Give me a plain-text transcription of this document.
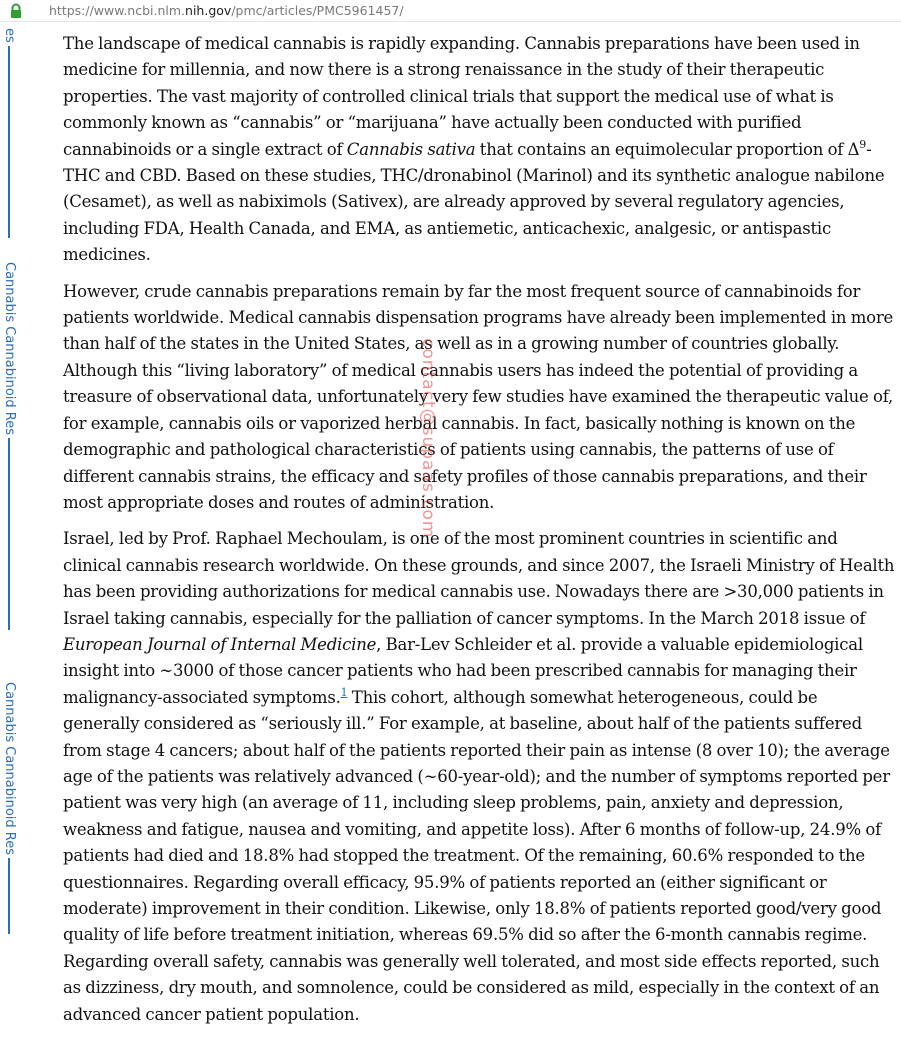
https://www.ncbi.nlm.nih.gov/pmc/articles/PMC5961457/
es
Cannabis Cannabinoid Res
Cannabis Cannabinoid Res

The landscape of medical cannabis is rapidly expanding. Cannabis preparations have been used in medicine for millennia, and now there is a strong renaissance in the study of their therapeutic properties. The vast majority of controlled clinical trials that support the medical use of what is commonly known as “cannabis” or “marijuana” have actually been conducted with purified cannabinoids or a single extract of Cannabis sativa that contains an equimolecular proportion of $\Delta^9$-THC and CBD. Based on these studies, THC/dronabinol (Marinol) and its synthetic analogue nabilone (Cesamet), as well as nabiximols (Sativex), are already approved by several regulatory agencies, including FDA, Health Canada, and EMA, as antiemetic, anticachexic, analgesic, or antispastic medicines.

However, crude cannabis preparations remain by far the most frequent source of cannabinoids for patients worldwide. Medical cannabis dispensation programs have already been implemented in more than half of the states in the United States, as well as in a growing number of countries globally. Although this “living laboratory” of medical cannabis users has indeed the potential of providing a treasure of observational data, unfortunately very few studies have examined the therapeutic value of, for example, cannabis oils or vaporized herbal cannabis. In fact, basically nothing is known on the demographic and pathological characteristics of patients using cannabis, the patterns of use of different cannabis strains, the efficacy and safety profiles of those cannabis preparations, and their most appropriate doses and routes of administration.

Israel, led by Prof. Raphael Mechoulam, is one of the most prominent countries in scientific and clinical cannabis research worldwide. On these grounds, and since 2007, the Israeli Ministry of Health has been providing authorizations for medical cannabis use. Nowadays there are >30,000 patients in Israel taking cannabis, especially for the palliation of cancer symptoms. In the March 2018 issue of European Journal of Internal Medicine, Bar-Lev Schleider et al. provide a valuable epidemiological insight into ∼3000 of those cancer patients who had been prescribed cannabis for managing their malignancy-associated symptoms.$^1$ This cohort, although somewhat heterogeneous, could be generally considered as “seriously ill.” For example, at baseline, about half of the patients suffered from stage 4 cancers; about half of the patients reported their pain as intense (8 over 10); the average age of the patients was relatively advanced (∼60-year-old); and the number of symptoms reported per patient was very high (an average of 11, including sleep problems, pain, anxiety and depression, weakness and fatigue, nausea and vomiting, and appetite loss). After 6 months of follow-up, 24.9% of patients had died and 18.8% had stopped the treatment. Of the remaining, 60.6% responded to the questionnaires. Regarding overall efficacy, 95.9% of patients reported an (either significant or moderate) improvement in their condition. Likewise, only 18.8% of patients reported good/very good quality of life before treatment initiation, whereas 69.5% did so after the 6-month cannabis regime. Regarding overall safety, cannabis was generally well tolerated, and most side effects reported, such as dizziness, dry mouth, and somnolence, could be considered as mild, especially in the context of an advanced cancer patient population.

contact@supaas.com
